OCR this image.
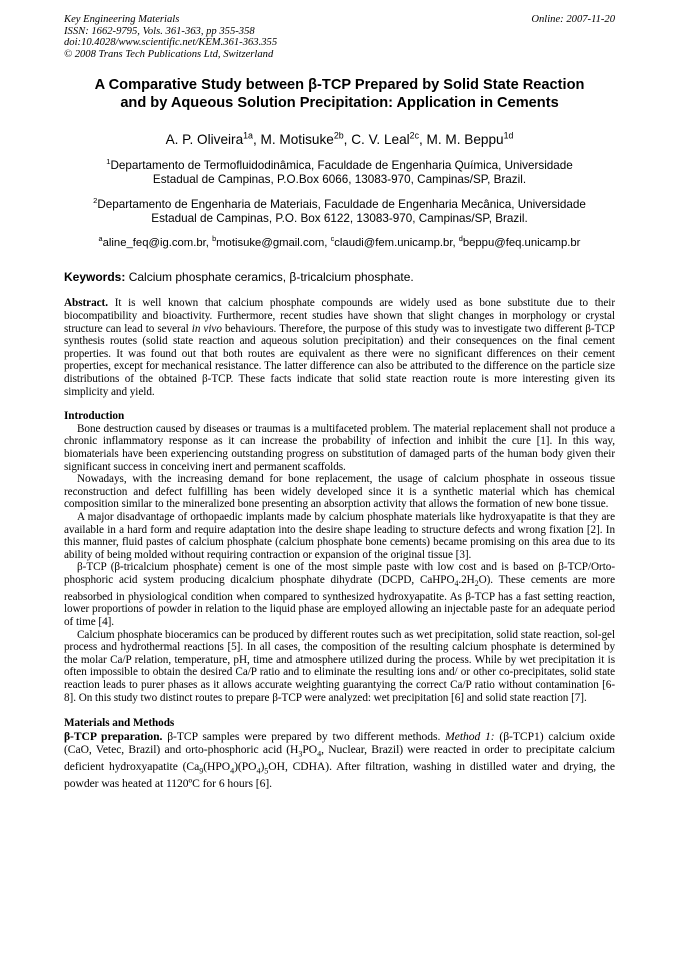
Key Engineering Materials
ISSN: 1662-9795, Vols. 361-363, pp 355-358
doi:10.4028/www.scientific.net/KEM.361-363.355
© 2008 Trans Tech Publications Ltd, Switzerland
Online: 2007-11-20
A Comparative Study between β-TCP Prepared by Solid State Reaction
and by Aqueous Solution Precipitation: Application in Cements
A. P. Oliveira$^{1a}$, M. Motisuke$^{2b}$, C. V. Leal$^{2c}$, M. M. Beppu$^{1d}$
$^1$Departamento de Termofluidodinâmica, Faculdade de Engenharia Química, Universidade
Estadual de Campinas, P.O.Box 6066, 13083-970, Campinas/SP, Brazil.
$^2$Departamento de Engenharia de Materiais, Faculdade de Engenharia Mecânica, Universidade
Estadual de Campinas, P.O. Box 6122, 13083-970, Campinas/SP, Brazil.
$^a$aline_feq@ig.com.br, $^b$motisuke@gmail.com, $^c$claudi@fem.unicamp.br, $^d$beppu@feq.unicamp.br
Keywords: Calcium phosphate ceramics, β-tricalcium phosphate.

Abstract. It is well known that calcium phosphate compounds are widely used as bone substitute due to their biocompatibility and bioactivity. Furthermore, recent studies have shown that slight changes in morphology or crystal structure can lead to several in vivo behaviours. Therefore, the purpose of this study was to investigate two different β-TCP synthesis routes (solid state reaction and aqueous solution precipitation) and their consequences on the final cement properties. It was found out that both routes are equivalent as there were no significant differences on their cement properties, except for mechanical resistance. The latter difference can also be attributed to the difference on the particle size distributions of the obtained β-TCP. These facts indicate that solid state reaction route is more interesting given its simplicity and yield.

Introduction

Bone destruction caused by diseases or traumas is a multifaceted problem. The material replacement shall not produce a chronic inflammatory response as it can increase the probability of infection and inhibit the cure [1]. In this way, biomaterials have been experiencing outstanding progress on substitution of damaged parts of the human body given their significant success in conceiving inert and permanent scaffolds.

Nowadays, with the increasing demand for bone replacement, the usage of calcium phosphate in osseous tissue reconstruction and defect fulfilling has been widely developed since it is a synthetic material which has chemical composition similar to the mineralized bone presenting an absorption activity that allows the formation of new bone tissue.

A major disadvantage of orthopaedic implants made by calcium phosphate materials like hydroxyapatite is that they are available in a hard form and require adaptation into the desire shape leading to structure defects and wrong fixation [2]. In this manner, fluid pastes of calcium phosphate (calcium phosphate bone cements) became promising on this area due to its ability of being molded without requiring contraction or expansion of the original tissue [3].

β-TCP (β-tricalcium phosphate) cement is one of the most simple paste with low cost and is based on β-TCP/Orto-phosphoric acid system producing dicalcium phosphate dihydrate (DCPD, $CaHPO_4.2H_2O$). These cements are more reabsorbed in physiological condition when compared to synthesized hydroxyapatite. As β-TCP has a fast setting reaction, lower proportions of powder in relation to the liquid phase are employed allowing an injectable paste for an adequate period of time [4].

Calcium phosphate bioceramics can be produced by different routes such as wet precipitation, solid state reaction, sol-gel process and hydrothermal reactions [5]. In all cases, the composition of the resulting calcium phosphate is determined by the molar Ca/P relation, temperature, pH, time and atmosphere utilized during the process. While by wet precipitation it is often impossible to obtain the desired Ca/P ratio and to eliminate the resulting ions and/ or other co-precipitates, solid state reaction leads to purer phases as it allows accurate weighting guarantying the correct Ca/P ratio without contamination [6-8]. On this study two distinct routes to prepare β-TCP were analyzed: wet precipitation [6] and solid state reaction [7].

Materials and Methods

β-TCP preparation. β-TCP samples were prepared by two different methods. Method 1: (β-TCP1) calcium oxide (CaO, Vetec, Brazil) and orto-phosphoric acid ($H_3PO_4$, Nuclear, Brazil) were reacted in order to precipitate calcium deficient hydroxyapatite ($Ca_9(HPO_4)(PO_4)_5OH$, CDHA). After filtration, washing in distilled water and drying, the powder was heated at 1120ºC for 6 hours [6].
